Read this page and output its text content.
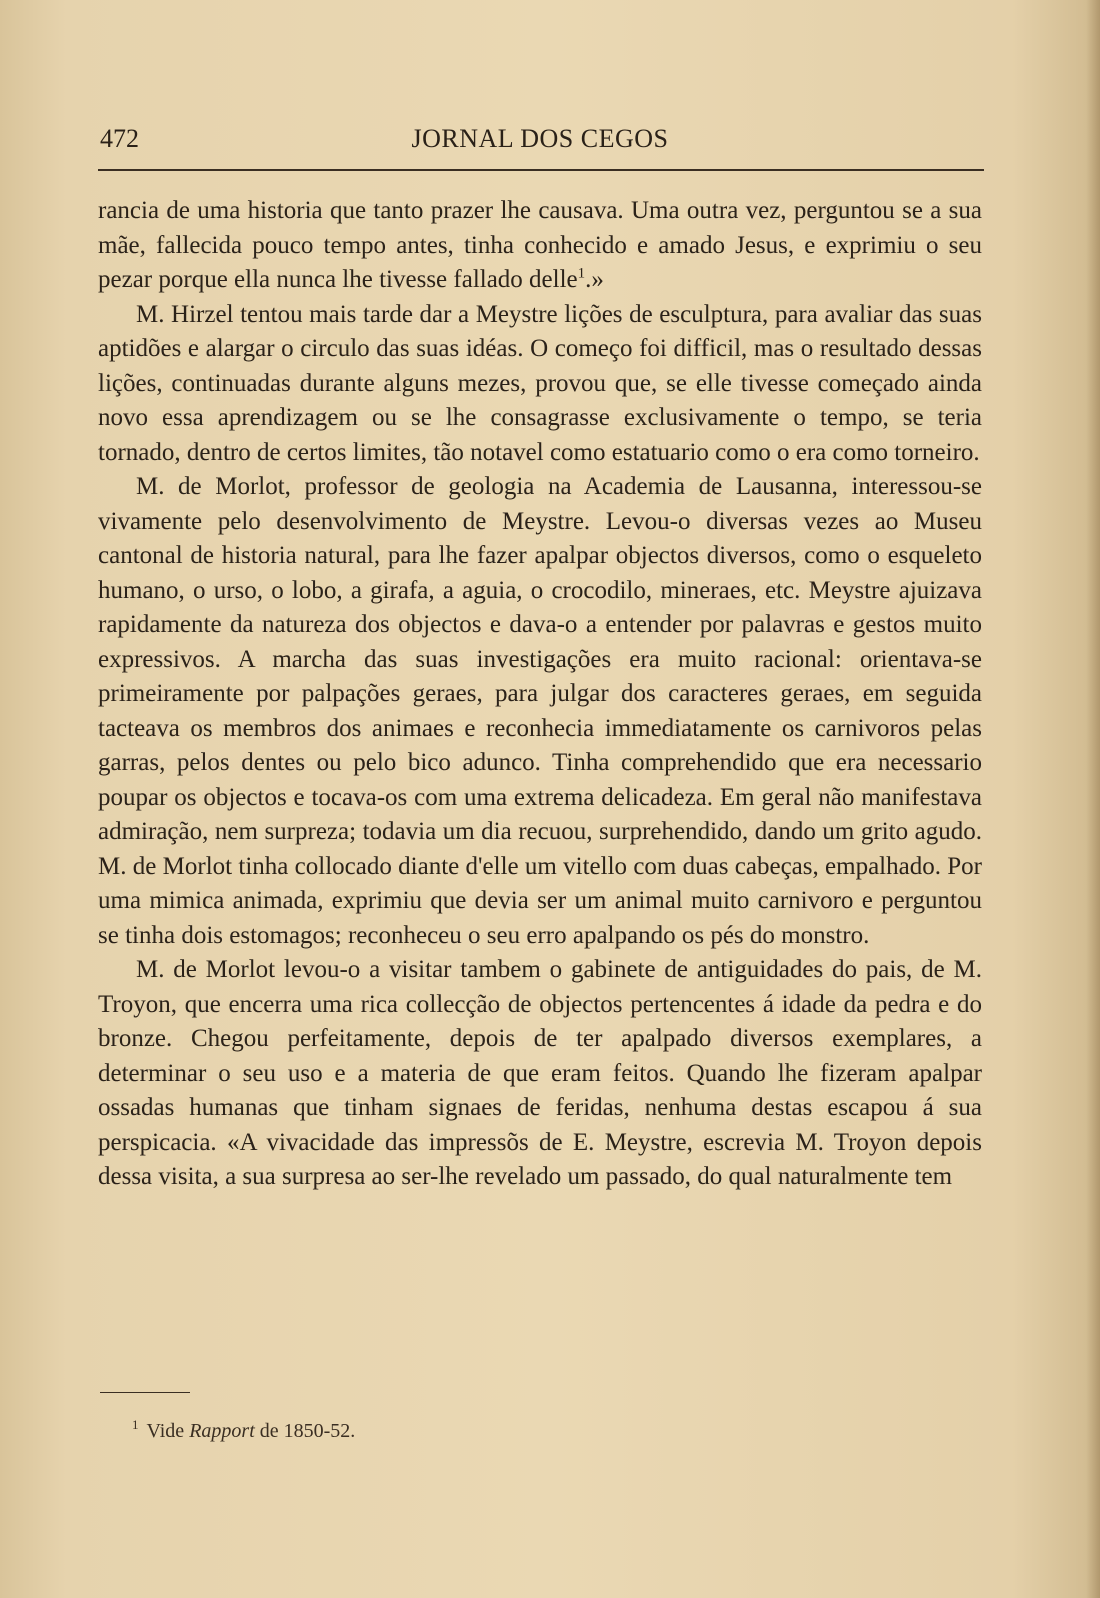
472	JORNAL DOS CEGOS

rancia de uma historia que tanto prazer lhe causava. Uma outra vez, perguntou se a sua mãe, fallecida pouco tempo antes, tinha conhecido e amado Jesus, e exprimiu o seu pezar porque ella nunca lhe tivesse fallado delle$^1$.»

M. Hirzel tentou mais tarde dar a Meystre lições de esculptura, para avaliar das suas aptidões e alargar o circulo das suas idéas. O começo foi difficil, mas o resultado dessas lições, continuadas durante alguns mezes, provou que, se elle tivesse começado ainda novo essa aprendizagem ou se lhe consagrasse exclusivamente o tempo, se teria tornado, dentro de certos limites, tão notavel como estatuario como o era como torneiro.

M. de Morlot, professor de geologia na Academia de Lausanna, interessou-se vivamente pelo desenvolvimento de Meystre. Levou-o diversas vezes ao Museu cantonal de historia natural, para lhe fazer apalpar objectos diversos, como o esqueleto humano, o urso, o lobo, a girafa, a aguia, o crocodilo, mineraes, etc. Meystre ajuizava rapidamente da natureza dos objectos e dava-o a entender por palavras e gestos muito expressivos. A marcha das suas investigações era muito racional: orientava-se primeiramente por palpações geraes, para julgar dos caracteres geraes, em seguida tacteava os membros dos animaes e reconhecia immediatamente os carnivoros pelas garras, pelos dentes ou pelo bico adunco. Tinha comprehendido que era necessario poupar os objectos e tocava-os com uma extrema delicadeza. Em geral não manifestava admiração, nem surpreza; todavia um dia recuou, surprehendido, dando um grito agudo. M. de Morlot tinha collocado diante d'elle um vitello com duas cabeças, empalhado. Por uma mimica animada, exprimiu que devia ser um animal muito carnivoro e perguntou se tinha dois estomagos; reconheceu o seu erro apalpando os pés do monstro.

M. de Morlot levou-o a visitar tambem o gabinete de antiguidades do pais, de M. Troyon, que encerra uma rica collecção de objectos pertencentes á idade da pedra e do bronze. Chegou perfeitamente, depois de ter apalpado diversos exemplares, a determinar o seu uso e a materia de que eram feitos. Quando lhe fizeram apalpar ossadas humanas que tinham signaes de feridas, nenhuma destas escapou á sua perspicacia. «A vivacidade das impressõs de E. Meystre, escrevia M. Troyon depois dessa visita, a sua surpresa ao ser-lhe revelado um passado, do qual naturalmente tem

$^1$ Vide Rapport de 1850-52.
